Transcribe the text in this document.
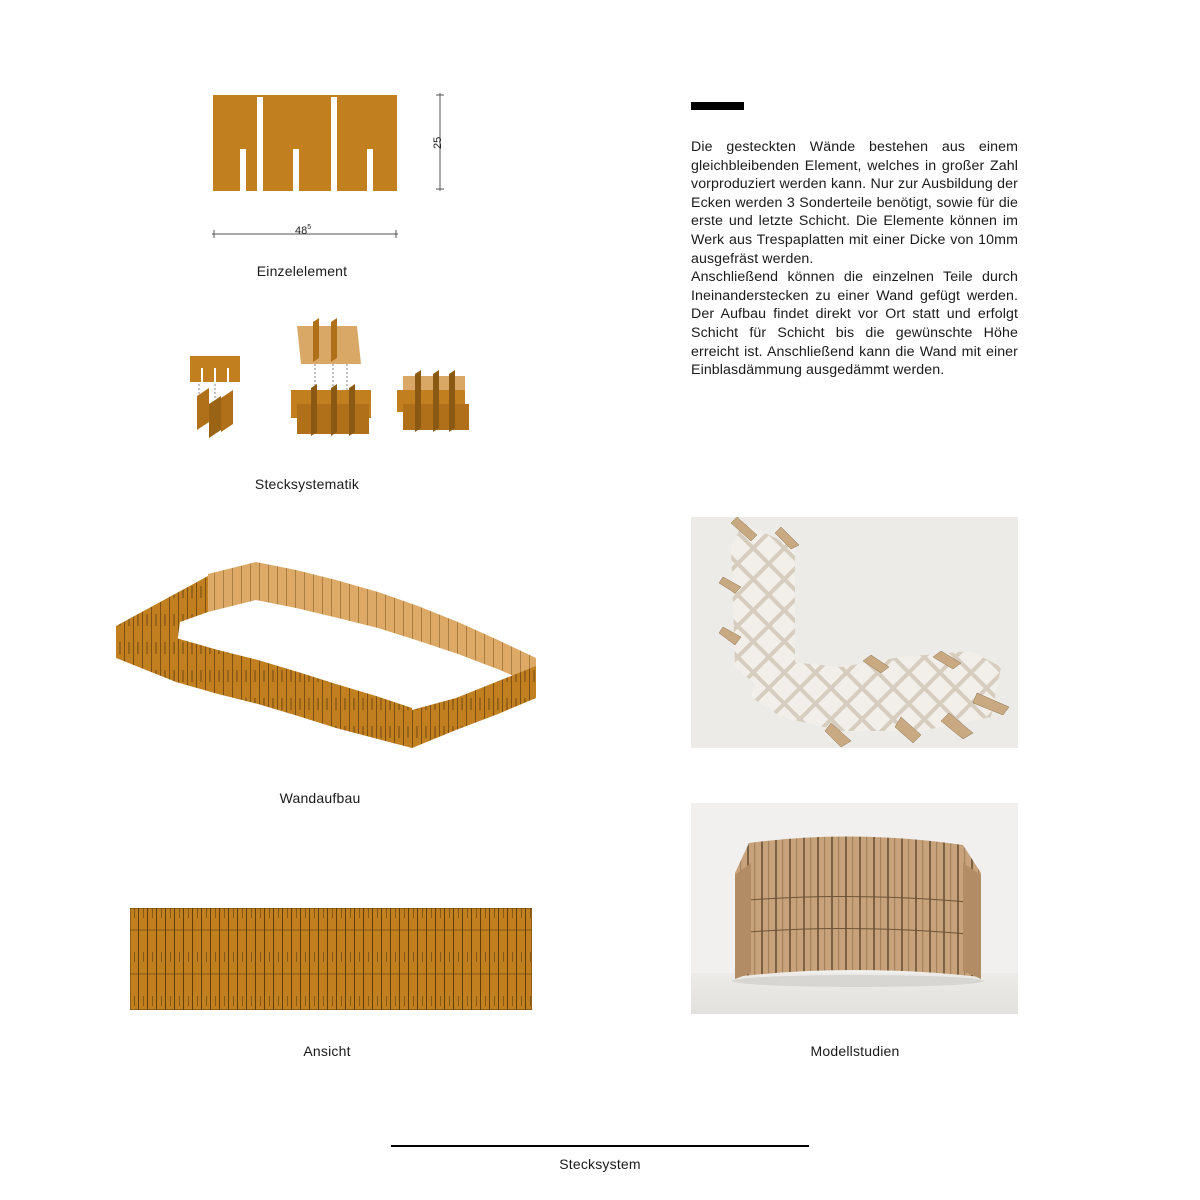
25
$48^5$
Einzelelement
Stecksystematik
Wandaufbau
Ansicht

Die gesteckten Wände bestehen aus einem gleichbleibenden Element, welches in großer Zahl vorproduziert werden kann. Nur zur Ausbildung der Ecken werden 3 Sonderteile benötigt, sowie für die erste und letzte Schicht. Die Elemente können im Werk aus Trespaplatten mit einer Dicke von 10mm ausgefräst werden.

Anschließend können die einzelnen Teile durch Ineinanderstecken zu einer Wand gefügt werden. Der Aufbau findet direkt vor Ort statt und erfolgt Schicht für Schicht bis die gewünschte Höhe erreicht ist. Anschließend kann die Wand mit einer Einblasdämmung ausgedämmt werden.

Modellstudien
Stecksystem
